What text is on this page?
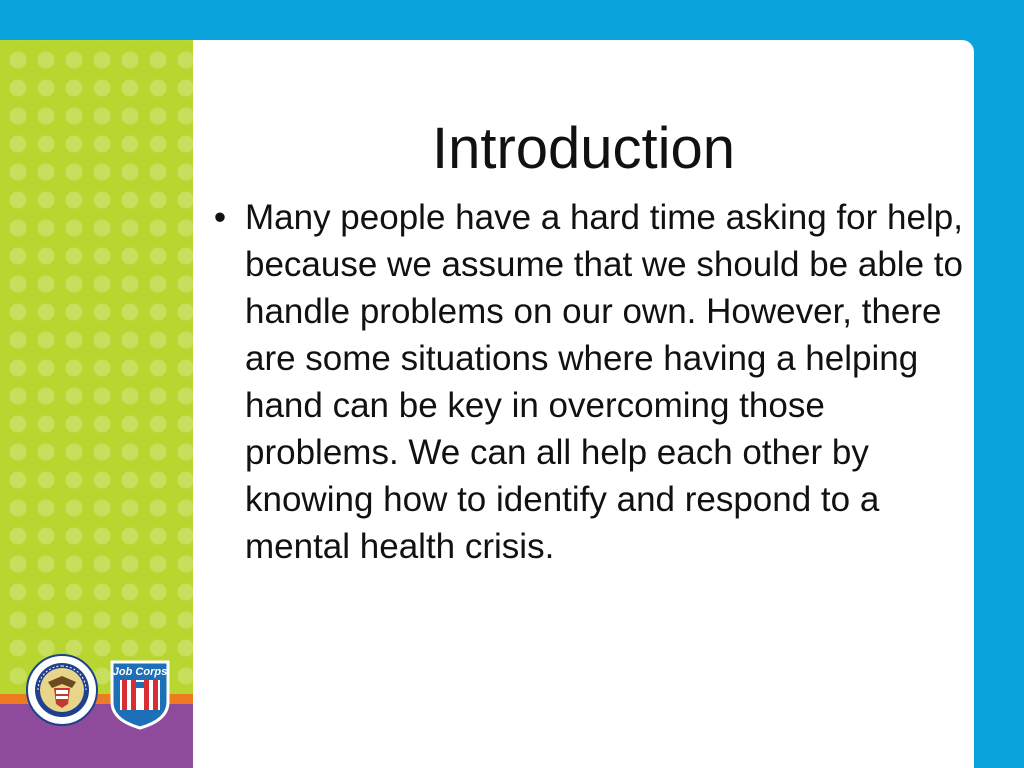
Job Corps
Introduction
• Many people have a hard time asking for help, because we assume that we should be able to handle problems on our own. However, there are some situations where having a helping hand can be key in overcoming those problems. We can all help each other by knowing how to identify and respond to a mental health crisis.
